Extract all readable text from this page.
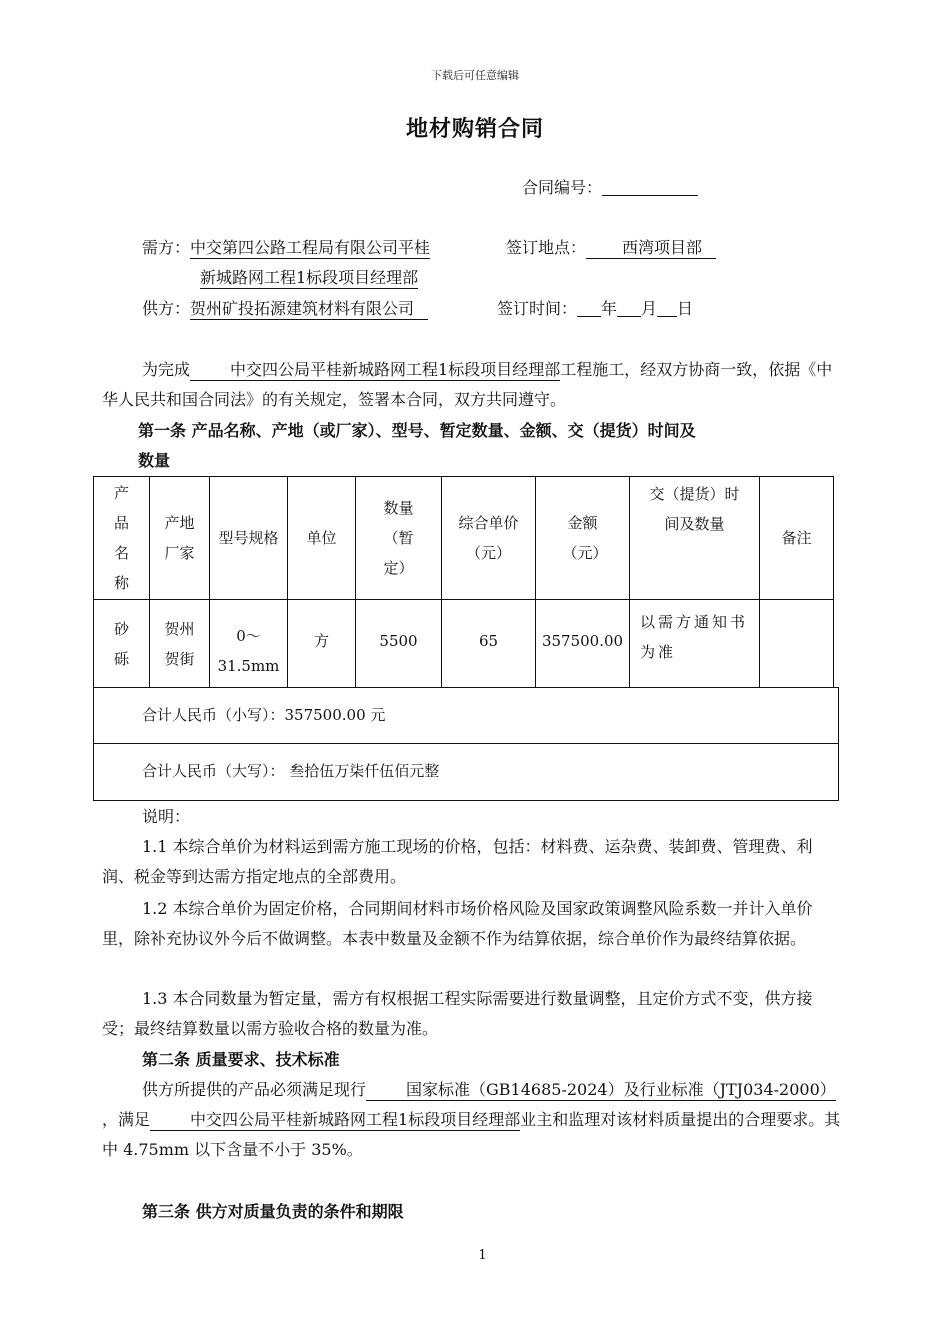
下载后可任意编辑
地材购销合同
合同编号：
需方：中交第四公路工程局有限公司平桂	签订地点： 西湾项目部
新城路网工程1标段项目经理部
供方：贺州矿投拓源建筑材料有限公司	签订时间： 年 月 日
为完成	中交四公局平桂新城路网工程1标段项目经理部工程施工，经双方协商一致，依据《中华人民共和国合同法》的有关规定，签署本合同，双方共同遵守。
第一条 产品名称、产地（或厂家）、型号、暂定数量、金额、交（提货）时间及
数量
产品名称	产地厂家	型号规格	单位	数量（暂定）	综合单价（元）	金额（元）	交（提货）时间及数量	备注

砂砾	贺州贺街	0～
31.5mm	方	5500	65	357500.00	以需方通知书为准	

合计人民币（小写）：357500.00 元
合计人民币（大写）： 叁拾伍万柒仟伍佰元整
说明：
1.1 本综合单价为材料运到需方施工现场的价格，包括：材料费、运杂费、装卸费、管理费、利润、税金等到达需方指定地点的全部费用。
1.2 本综合单价为固定价格，合同期间材料市场价格风险及国家政策调整风险系数一并计入单价里，除补充协议外今后不做调整。本表中数量及金额不作为结算依据，综合单价作为最终结算依据。
1.3 本合同数量为暂定量，需方有权根据工程实际需要进行数量调整，且定价方式不变，供方接受；最终结算数量以需方验收合格的数量为准。
第二条 质量要求、技术标准
供方所提供的产品必须满足现行	国家标准（GB14685-2024）及行业标准（JTJ034-2000），满足	中交四公局平桂新城路网工程1标段项目经理部业主和监理对该材料质量提出的合理要求。其中 4.75mm 以下含量不小于 35%。
第三条 供方对质量负责的条件和期限
1
